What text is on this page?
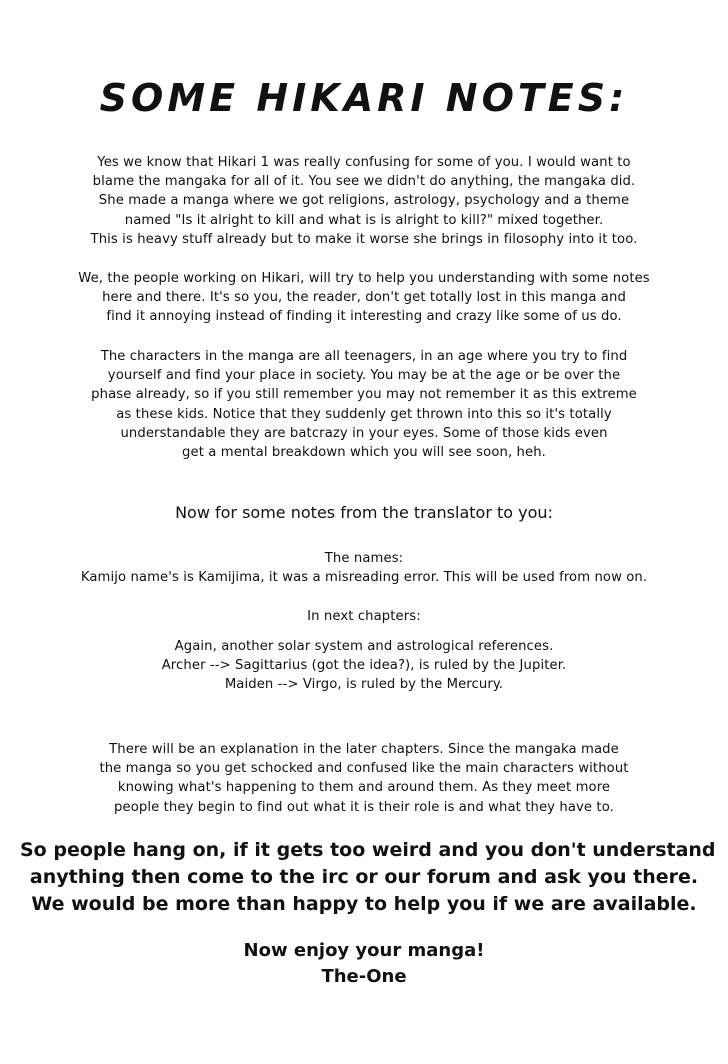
SOME HIKARI NOTES:
Yes we know that Hikari 1 was really confusing for some of you. I would want to
blame the mangaka for all of it. You see we didn't do anything, the mangaka did.
She made a manga where we got religions, astrology, psychology and a theme
named "Is it alright to kill and what is is alright to kill?" mixed together.
This is heavy stuff already but to make it worse she brings in filosophy into it too.
We, the people working on Hikari, will try to help you understanding with some notes
here and there. It's so you, the reader, don't get totally lost in this manga and
find it annoying instead of finding it interesting and crazy like some of us do.
The characters in the manga are all teenagers, in an age where you try to find
yourself and find your place in society. You may be at the age or be over the
phase already, so if you still remember you may not remember it as this extreme
as these kids. Notice that they suddenly get thrown into this so it's totally
understandable they are batcrazy in your eyes. Some of those kids even
get a mental breakdown which you will see soon, heh.
Now for some notes from the translator to you:
The names:
Kamijo name's is Kamijima, it was a misreading error. This will be used from now on.
In next chapters:
Again, another solar system and astrological references.
Archer --> Sagittarius (got the idea?), is ruled by the Jupiter.
Maiden --> Virgo, is ruled by the Mercury.
There will be an explanation in the later chapters. Since the mangaka made
the manga so you get schocked and confused like the main characters without
knowing what's happening to them and around them. As they meet more
people they begin to find out what it is their role is and what they have to.
So people hang on, if it gets too weird and you don't understand
anything then come to the irc or our forum and ask you there.
We would be more than happy to help you if we are available.
Now enjoy your manga!
The-One
